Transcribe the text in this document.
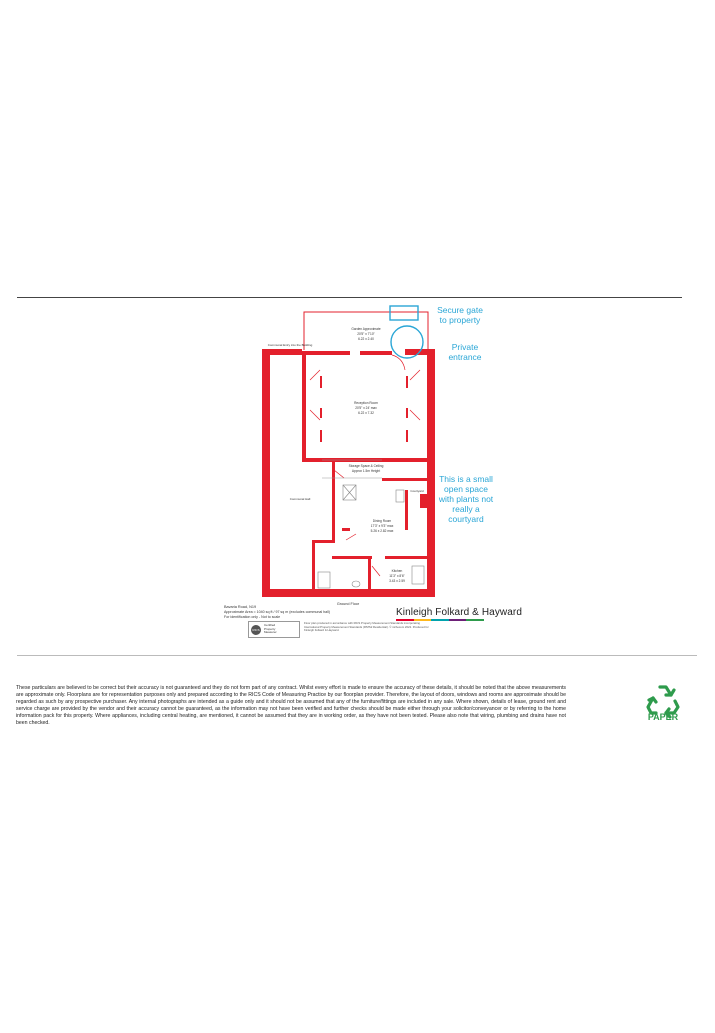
Garden Approximate
20'5" x 7'10"
6.22 x 2.40
Communal Entry into the Building
Reception Room
20'5" x 24' max
6.22 x 7.32
Storage Space & Ceiling
Approx 1.5m Height
Courtyard
Communal Hall
Dining Room
17'3" x 9'3" max
5.26 x 2.82 max
Kitchen
11'3" x 8'6"
3.43 x 2.59
Ground Floor
Secure gate
to property
Private
entrance
This is a small
open space
with plants not
really a
courtyard
Bavaria Road, N19
Approximate Area = 1040 sq ft / 97 sq m (excludes communal hall)
For identification only - Not to scale
RICS
Certified
Property
Measurer
Floor plan produced in accordance with RICS Property Measurement Standards incorporating International Property Measurement Standards (IPMS2 Residential). © nichecom 2022. Produced for Kinleigh Folkard & Hayward.
Kinleigh Folkard & Hayward
These particulars are believed to be correct but their accuracy is not guaranteed and they do not form part of any contract. Whilst every effort is made to ensure the accuracy of these details, it should be noted that the above measurements are approximate only. Floorplans are for representation purposes only and prepared according to the RICS Code of Measuring Practice by our floorplan provider. Therefore, the layout of doors, windows and rooms are approximate should be regarded as such by any prospective purchaser. Any internal photographs are intended as a guide only and it should not be assumed that any of the furniture/fittings are included in any sale. Where shown, details of lease, ground rent and service charge are provided by the vendor and their accuracy cannot be guaranteed, as the information may not have been verified and further checks should be made either through your solicitor/conveyancer or by referring to the home information pack for this property. Where appliances, including central heating, are mentioned, it cannot be assumed that they are in working order, as they have not been tested. Please also note that wiring, plumbing and drains have not been checked.
PAPER
